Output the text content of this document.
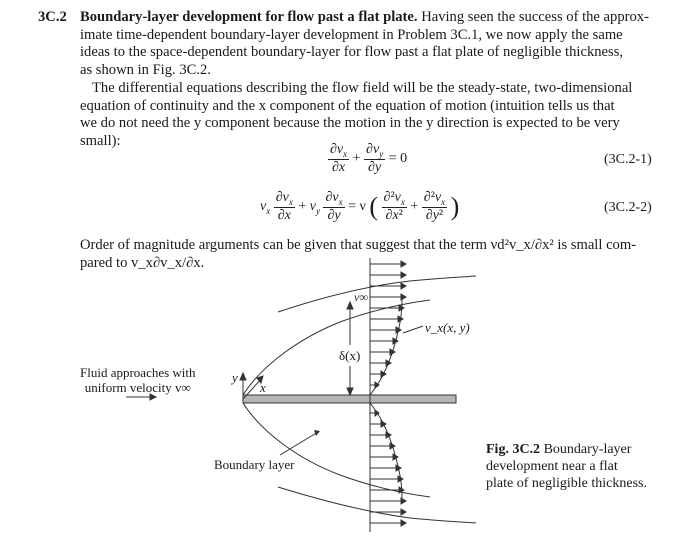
3C.2 Boundary-layer development for flow past a flat plate. Having seen the success of the approx-
imate time-dependent boundary-layer development in Problem 3C.1, we now apply the same
ideas to the space-dependent boundary-layer for flow past a flat plate of negligible thickness,
as shown in Fig. 3C.2.
The differential equations describing the flow field will be the steady-state, two-dimensional
equation of continuity and the x component of the equation of motion (intuition tells us that
we do not need the y component because the motion in the y direction is expected to be very
small):
$\frac{\partial v_x}{\partial x} + \frac{\partial v_y}{\partial y} = 0$	(3C.2-1)
$v_x \frac{\partial v_x}{\partial x} + v_y \frac{\partial v_x}{\partial y} = \nu$ ( $\frac{\partial^2v_x}{\text{∂x²}} + \frac{\partial^2v_x}{\text{∂y²}}$ )	(3C.2-2)
Order of magnitude arguments can be given that suggest that the term νd²v_x/∂x² is small com-
pared to v_x∂v_x/∂x.
v∞
v_x(x, y)
δ(x)
y
x
Fluid approaches with
uniform velocity v∞
Boundary layer
Fig. 3C.2 Boundary-layer
development near a flat
plate of negligible thickness.
